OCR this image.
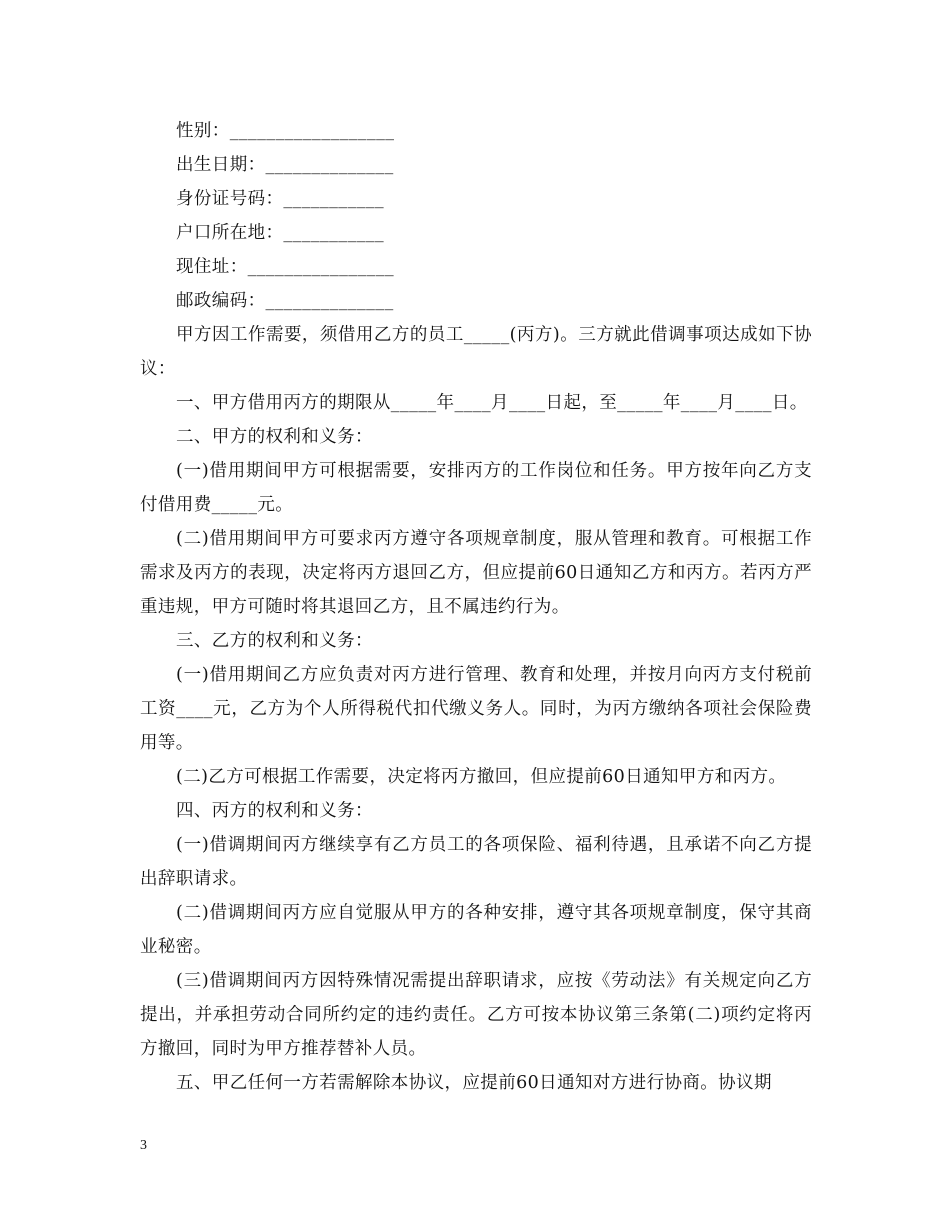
性别：__________________

出生日期：______________

身份证号码：___________

户口所在地：___________

现住址：________________

邮政编码：______________

甲方因工作需要，须借用乙方的员工_____(丙方)。三方就此借调事项达成如下协议：

一、甲方借用丙方的期限从_____年____月____日起，至_____年____月____日。

二、甲方的权利和义务：

(一)借用期间甲方可根据需要，安排丙方的工作岗位和任务。甲方按年向乙方支付借用费_____元。

(二)借用期间甲方可要求丙方遵守各项规章制度，服从管理和教育。可根据工作需求及丙方的表现，决定将丙方退回乙方，但应提前60日通知乙方和丙方。若丙方严重违规，甲方可随时将其退回乙方，且不属违约行为。

三、乙方的权利和义务：

(一)借用期间乙方应负责对丙方进行管理、教育和处理，并按月向丙方支付税前工资____元，乙方为个人所得税代扣代缴义务人。同时，为丙方缴纳各项社会保险费用等。

(二)乙方可根据工作需要，决定将丙方撤回，但应提前60日通知甲方和丙方。

四、丙方的权利和义务：

(一)借调期间丙方继续享有乙方员工的各项保险、福利待遇，且承诺不向乙方提出辞职请求。

(二)借调期间丙方应自觉服从甲方的各种安排，遵守其各项规章制度，保守其商业秘密。

(三)借调期间丙方因特殊情况需提出辞职请求，应按《劳动法》有关规定向乙方提出，并承担劳动合同所约定的违约责任。乙方可按本协议第三条第(二)项约定将丙方撤回，同时为甲方推荐替补人员。

五、甲乙任何一方若需解除本协议，应提前60日通知对方进行协商。协议期

3
